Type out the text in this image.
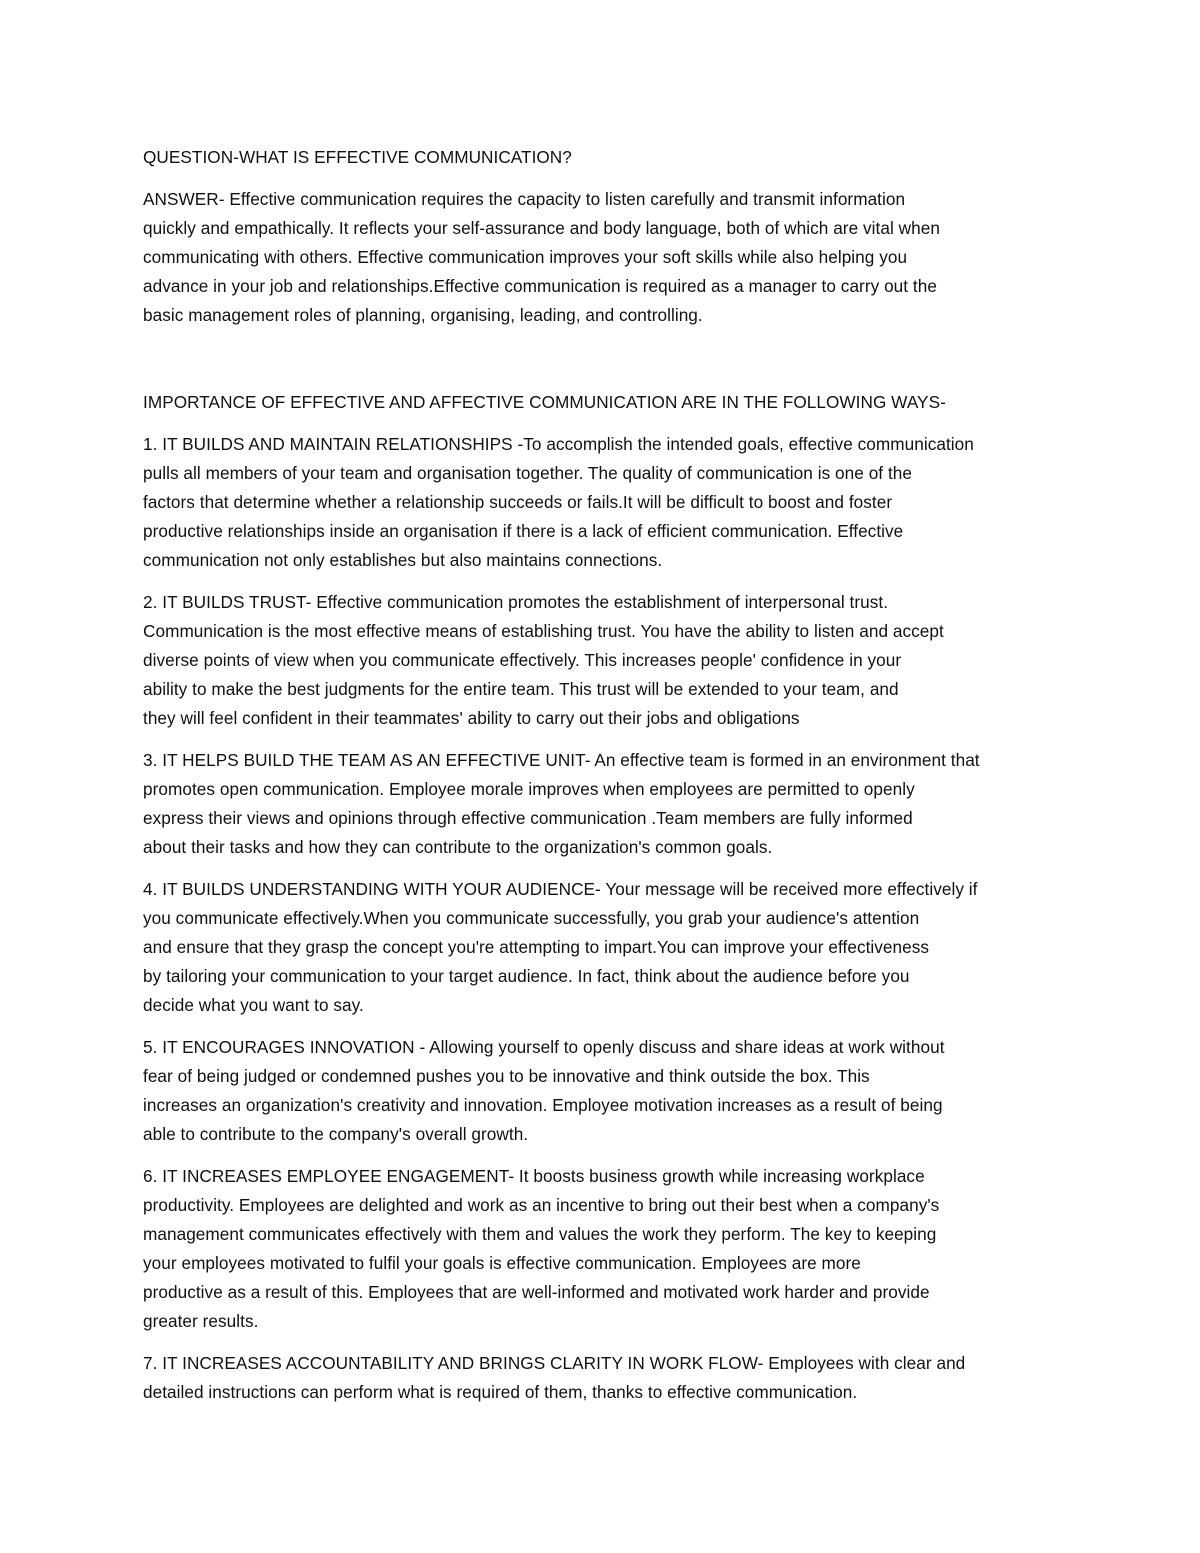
QUESTION-WHAT IS EFFECTIVE COMMUNICATION?
ANSWER- Effective communication requires the capacity to listen carefully and transmit information
quickly and empathically. It reflects your self-assurance and body language, both of which are vital when
communicating with others. Effective communication improves your soft skills while also helping you
advance in your job and relationships.Effective communication is required as a manager to carry out the
basic management roles of planning, organising, leading, and controlling.
IMPORTANCE OF EFFECTIVE AND AFFECTIVE COMMUNICATION ARE IN THE FOLLOWING WAYS-
1. IT BUILDS AND MAINTAIN RELATIONSHIPS -To accomplish the intended goals, effective communication
pulls all members of your team and organisation together. The quality of communication is one of the
factors that determine whether a relationship succeeds or fails.It will be difficult to boost and foster
productive relationships inside an organisation if there is a lack of efficient communication. Effective
communication not only establishes but also maintains connections.
2. IT BUILDS TRUST- Effective communication promotes the establishment of interpersonal trust.
Communication is the most effective means of establishing trust. You have the ability to listen and accept
diverse points of view when you communicate effectively. This increases people' confidence in your
ability to make the best judgments for the entire team. This trust will be extended to your team, and
they will feel confident in their teammates' ability to carry out their jobs and obligations
3. IT HELPS BUILD THE TEAM AS AN EFFECTIVE UNIT- An effective team is formed in an environment that
promotes open communication. Employee morale improves when employees are permitted to openly
express their views and opinions through effective communication .Team members are fully informed
about their tasks and how they can contribute to the organization's common goals.
4. IT BUILDS UNDERSTANDING WITH YOUR AUDIENCE- Your message will be received more effectively if
you communicate effectively.When you communicate successfully, you grab your audience's attention
and ensure that they grasp the concept you're attempting to impart.You can improve your effectiveness
by tailoring your communication to your target audience. In fact, think about the audience before you
decide what you want to say.
5. IT ENCOURAGES INNOVATION - Allowing yourself to openly discuss and share ideas at work without
fear of being judged or condemned pushes you to be innovative and think outside the box. This
increases an organization's creativity and innovation. Employee motivation increases as a result of being
able to contribute to the company's overall growth.
6. IT INCREASES EMPLOYEE ENGAGEMENT- It boosts business growth while increasing workplace
productivity. Employees are delighted and work as an incentive to bring out their best when a company's
management communicates effectively with them and values the work they perform. The key to keeping
your employees motivated to fulfil your goals is effective communication. Employees are more
productive as a result of this. Employees that are well-informed and motivated work harder and provide
greater results.
7. IT INCREASES ACCOUNTABILITY AND BRINGS CLARITY IN WORK FLOW- Employees with clear and
detailed instructions can perform what is required of them, thanks to effective communication.
